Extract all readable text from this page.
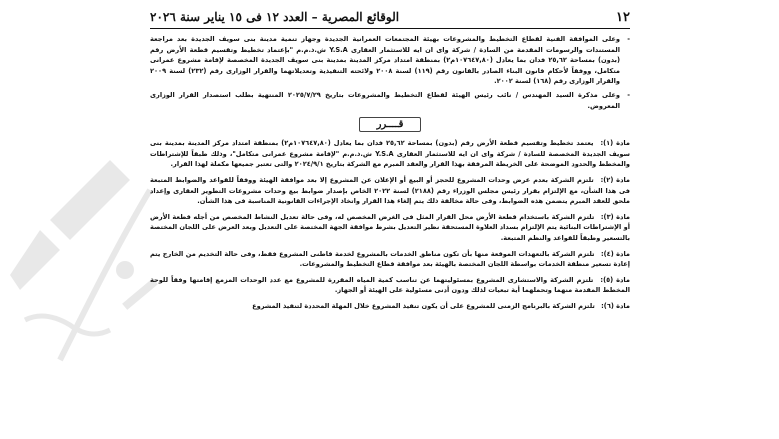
١٢
الوقائع المصرية – العدد ١٢ فى ١٥ يناير سنة ٢٠٢٦
-
وعلى الموافقة الفنية لقطاع التخطيط والمشروعات بهيئة المجتمعات العمرانية الجديدة وجهاز تنمية مدينة بنى سويف الجديدة بعد مراجعة المستندات والرسومات المقدمة من السادة / شركة واى ان ايه للاستثمار العقارى Y.S.A ش.ذ.م.م "بإعتماد تخطيط وتقسيم قطعة الأرض رقم (بدون) بمساحة ٢٥,٦٢ فدان بما يعادل (١٠٧٦٤٧,٨٠م٢) بمنطقة امتداد مركز المدينة بمدينة بنى سويف الجديدة المخصصة لإقامة مشروع عمرانى متكامل، ووفقاً لأحكام قانون البناء الصادر بالقانون رقم (١١٩) لسنة ٢٠٠٨ ولائحته التنفيذية وتعديلاتهما والقرار الوزارى رقم (٢٣٢) لسنة ٢٠٠٩ والقرار الوزارى رقم (١٦٨) لسنة ٢٠٠٢.
-
وعلى مذكرة السيد المهندس / نائب رئيس الهيئة لقطاع التخطيط والمشروعات بتاريخ ٢٠٢٥/٧/٢٩ المنتهية بطلب استصدار القرار الوزارى المعروض.
قــــرر
مادة (١) : يعتمد تخطيط وتقسيم قطعة الأرض رقم (بدون) بمساحة ٢٥,٦٢ فدان بما يعادل (١٠٧٦٤٧,٨٠م٢) بمنطقة امتداد مركز المدينة بمدينة بنى سويف الجديدة المخصصة للسادة / شركة واى ان ايه للاستثمار العقارى Y.S.A ش.ذ.م.م "لإقامة مشروع عمرانى متكامل"، وذلك طبقاً للإشتراطات والمخطط والحدود الموضحة على الخريطة المرفقة بهذا القرار والعقد المبرم مع الشركة بتاريخ ٢٠٢٤/٩/١ والتى تعتبر جميعها مكملة لهذا القرار.
مادة (٢) : تلتزم الشركة بعدم عرض وحدات المشروع للحجز أو البيع أو الإعلان عن المشروع إلا بعد موافقة الهيئة ووفقاً للقواعد والضوابط المتبعة فى هذا الشأن، مع الإلتزام بقرار رئيس مجلس الوزراء رقم (٢١٨٨) لسنة ٢٠٢٢ الخاص بإصدار ضوابط بيع وحدات مشروعات التطوير العقارى وإعداد ملحق للعقد المبرم يتضمن هذه الضوابط، وفى حالة مخالفة ذلك يتم إلغاء هذا القرار واتخاذ الإجراءات القانونية المناسبة فى هذا الشأن.
مادة (٣) : تلتزم الشركة باستخدام قطعة الأرض محل القرار المثل فى الغرض المخصص له، وفى حالة تعديل النشاط المخصص من أجله قطعة الأرض أو الإشتراطات البنائية يتم الإلتزام بسداد العلاوة المستحقة نظير التعديل بشرط موافقة الجهة المختصة على التعديل وبعد العرض على اللجان المختصة بالتسعير وطبقاً للقواعد والنظم المتبعة.
مادة (٤) : تلتزم الشركة بالتعهدات الموقعة منها بأن تكون مناطق الخدمات بالمشروع لخدمة قاطنى المشروع فقط، وفى حالة التخديم من الخارج يتم إعادة تسعير منطقة الخدمات بواسطة اللجان المختصة بالهيئة بعد موافقة قطاع التخطيط والمشروعات.
مادة (٥) : تلتزم الشركة والاستشارى المشروع بمسئوليتهما عن تناسب كمية المياه المقررة للمشروع مع عدد الوحدات المزمع إقامتها وفقاً للوحة المخطط المقدمة منهما وتحملهما أية تبعيات لذلك ودون أدنى مسئولية على الهيئة أو الجهاز.
مادة (٦) : تلتزم الشركة بالبرنامج الزمنى للمشروع على أن يكون تنفيذ المشروع خلال المهلة المحددة لتنفيذ المشروع
